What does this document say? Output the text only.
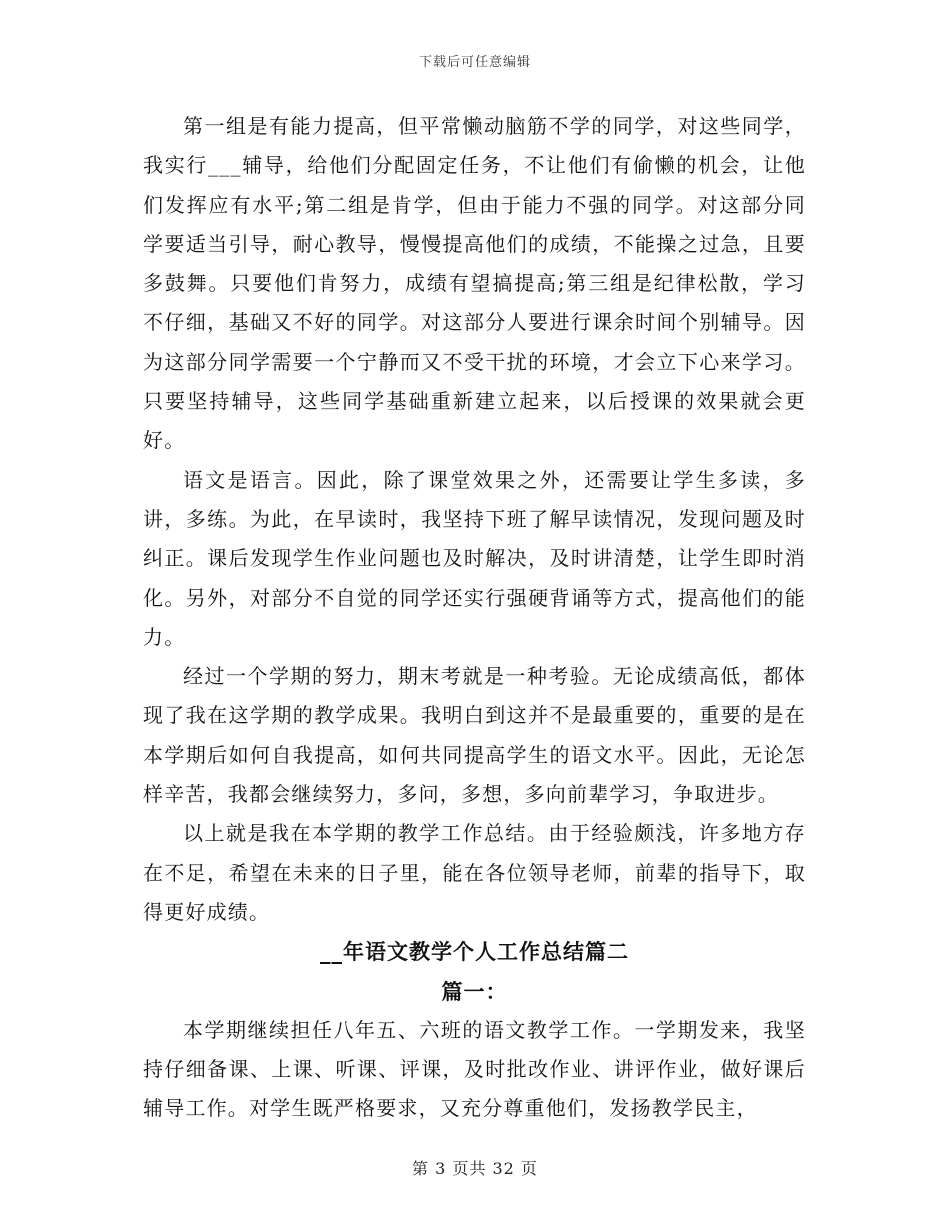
下载后可任意编辑

第一组是有能力提高，但平常懒动脑筋不学的同学，对这些同学，我实行___辅导，给他们分配固定任务，不让他们有偷懒的机会，让他们发挥应有水平;第二组是肯学，但由于能力不强的同学。对这部分同学要适当引导，耐心教导，慢慢提高他们的成绩，不能操之过急，且要多鼓舞。只要他们肯努力，成绩有望搞提高;第三组是纪律松散，学习不仔细，基础又不好的同学。对这部分人要进行课余时间个别辅导。因为这部分同学需要一个宁静而又不受干扰的环境，才会立下心来学习。只要坚持辅导，这些同学基础重新建立起来，以后授课的效果就会更好。

语文是语言。因此，除了课堂效果之外，还需要让学生多读，多讲，多练。为此，在早读时，我坚持下班了解早读情况，发现问题及时纠正。课后发现学生作业问题也及时解决，及时讲清楚，让学生即时消化。另外，对部分不自觉的同学还实行强硬背诵等方式，提高他们的能力。

经过一个学期的努力，期末考就是一种考验。无论成绩高低，都体现了我在这学期的教学成果。我明白到这并不是最重要的，重要的是在本学期后如何自我提高，如何共同提高学生的语文水平。因此，无论怎样辛苦，我都会继续努力，多问，多想，多向前辈学习，争取进步。

以上就是我在本学期的教学工作总结。由于经验颇浅，许多地方存在不足，希望在未来的日子里，能在各位领导老师，前辈的指导下，取得更好成绩。

__年语文教学个人工作总结篇二

篇一：

本学期继续担任八年五、六班的语文教学工作。一学期发来，我坚持仔细备课、上课、听课、评课，及时批改作业、讲评作业，做好课后辅导工作。对学生既严格要求，又充分尊重他们，发扬教学民主，

第 3 页共 32 页
